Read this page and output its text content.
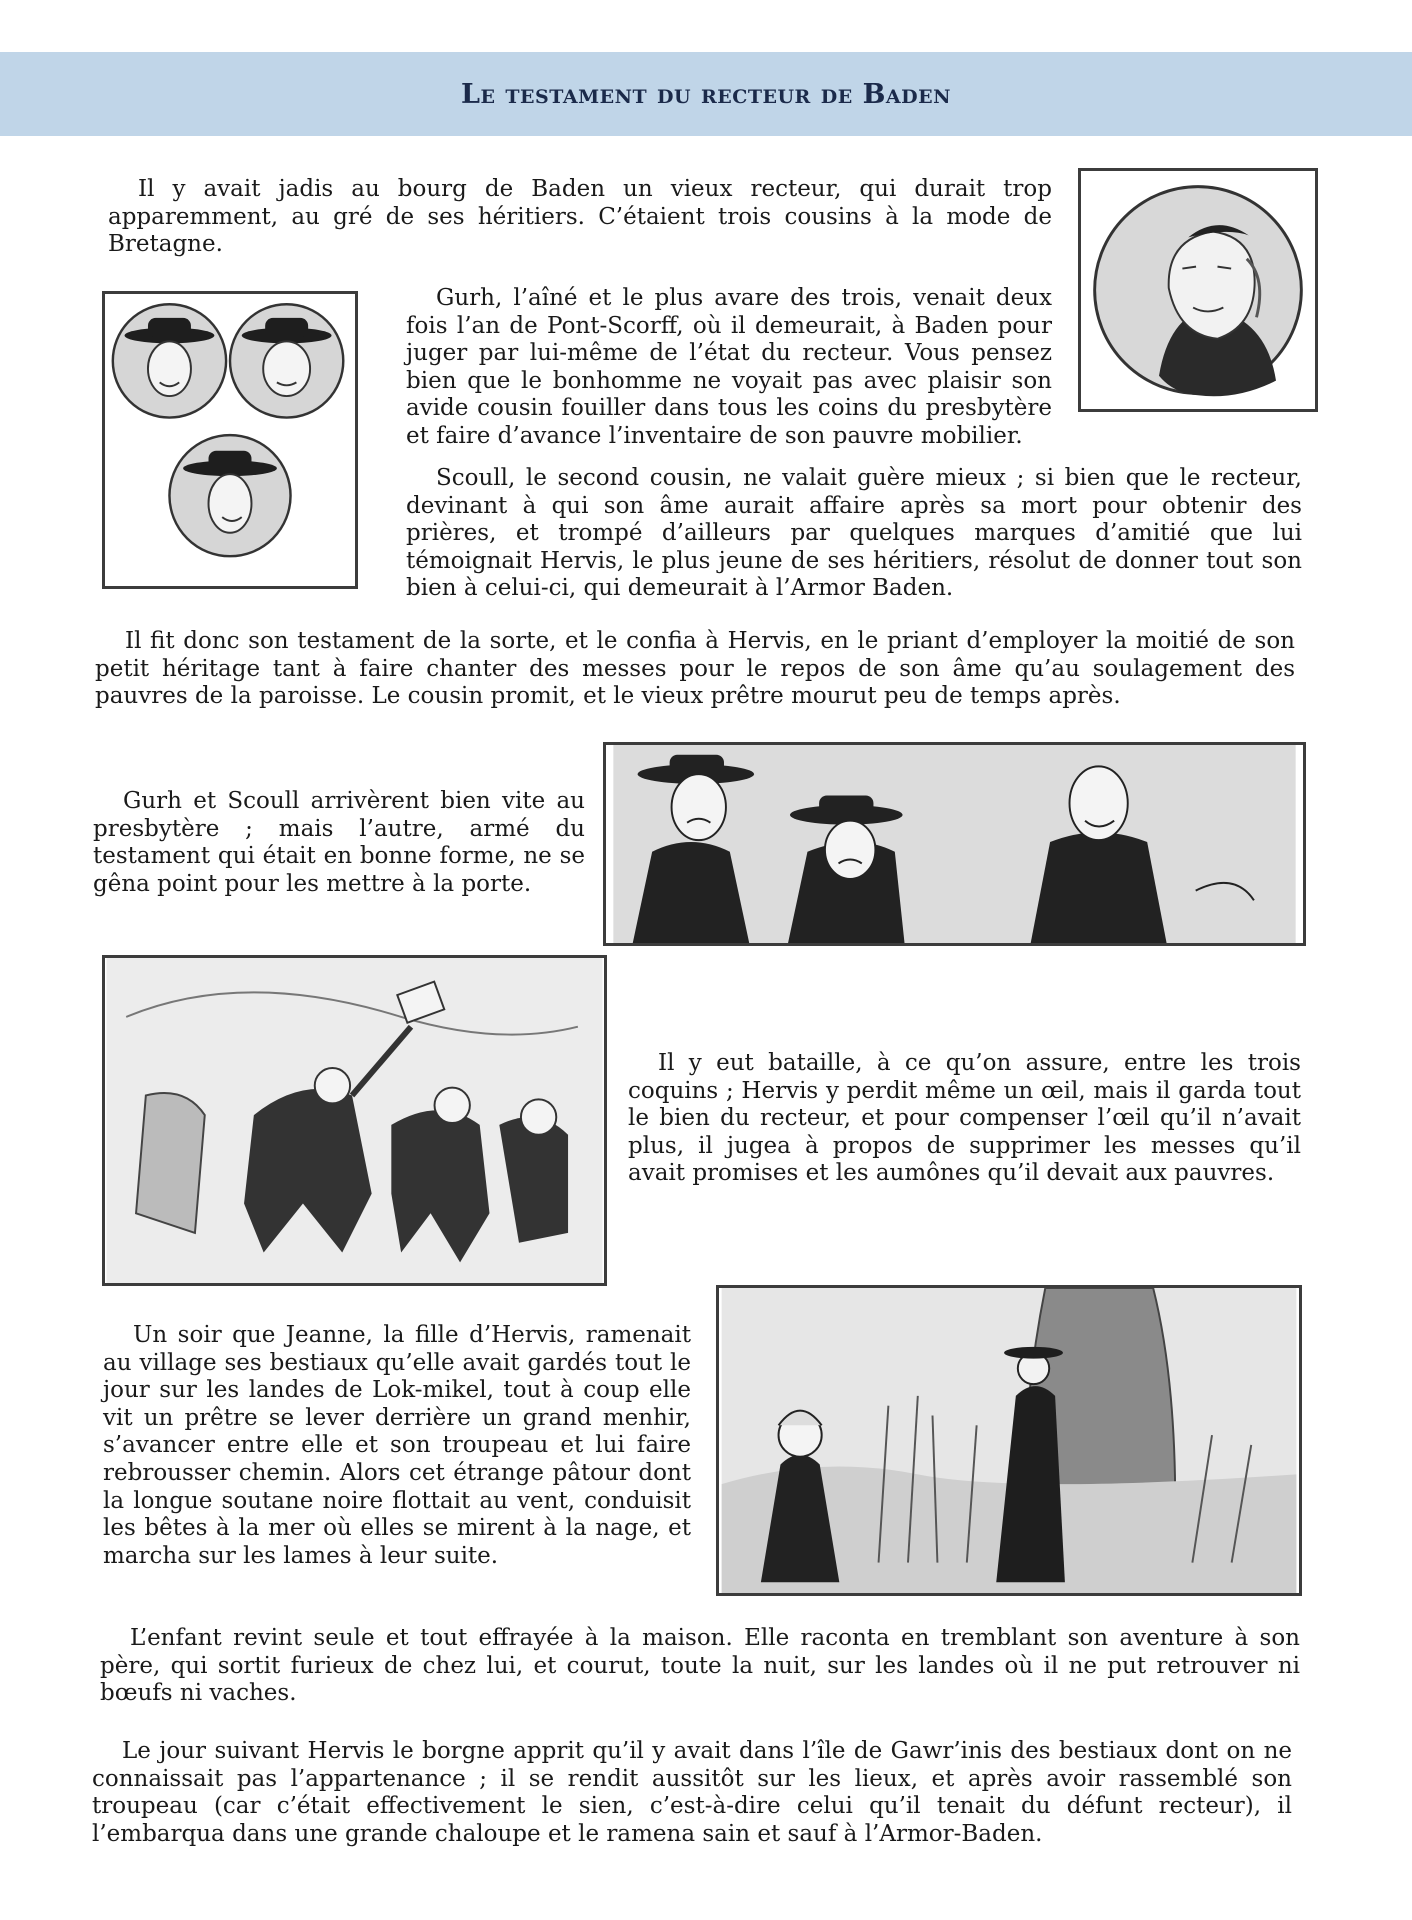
Le testament du recteur de Baden

Il y avait jadis au bourg de Baden un vieux recteur, qui durait trop apparemment, au gré de ses héritiers. C’étaient trois cousins à la mode de Bretagne.

Gurh, l’aîné et le plus avare des trois, venait deux fois l’an de Pont-Scorff, où il demeurait, à Baden pour juger par lui-même de l’état du recteur. Vous pensez bien que le bonhomme ne voyait pas avec plaisir son avide cousin fouiller dans tous les coins du presbytère et faire d’avance l’inventaire de son pauvre mobilier.

Scoull, le second cousin, ne valait guère mieux ; si bien que le recteur, devinant à qui son âme aurait affaire après sa mort pour obtenir des prières, et trompé d’ailleurs par quelques marques d’amitié que lui témoignait Hervis, le plus jeune de ses héritiers, résolut de donner tout son bien à celui-ci, qui demeurait à l’Armor Baden.

Il fit donc son testament de la sorte, et le confia à Hervis, en le priant d’employer la moitié de son petit héritage tant à faire chanter des messes pour le repos de son âme qu’au soulagement des pauvres de la paroisse. Le cousin promit, et le vieux prêtre mourut peu de temps après.

Gurh et Scoull arrivèrent bien vite au presbytère ; mais l’autre, armé du testament qui était en bonne forme, ne se gêna point pour les mettre à la porte.

Il y eut bataille, à ce qu’on assure, entre les trois coquins ; Hervis y perdit même un œil, mais il garda tout le bien du recteur, et pour compenser l’œil qu’il n’avait plus, il jugea à propos de supprimer les messes qu’il avait promises et les aumônes qu’il devait aux pauvres.

Un soir que Jeanne, la fille d’Hervis, ramenait au village ses bestiaux qu’elle avait gardés tout le jour sur les landes de Lok-mikel, tout à coup elle vit un prêtre se lever derrière un grand menhir, s’avancer entre elle et son troupeau et lui faire rebrousser chemin. Alors cet étrange pâtour dont la longue soutane noire flottait au vent, conduisit les bêtes à la mer où elles se mirent à la nage, et marcha sur les lames à leur suite.

L’enfant revint seule et tout effrayée à la maison. Elle raconta en tremblant son aventure à son père, qui sortit furieux de chez lui, et courut, toute la nuit, sur les landes où il ne put retrouver ni bœufs ni vaches.

Le jour suivant Hervis le borgne apprit qu’il y avait dans l’île de Gawr’inis des bestiaux dont on ne connaissait pas l’appartenance ; il se rendit aussitôt sur les lieux, et après avoir rassemblé son troupeau (car c’était effectivement le sien, c’est-à-dire celui qu’il tenait du défunt recteur), il l’embarqua dans une grande chaloupe et le ramena sain et sauf à l’Armor-Baden.
